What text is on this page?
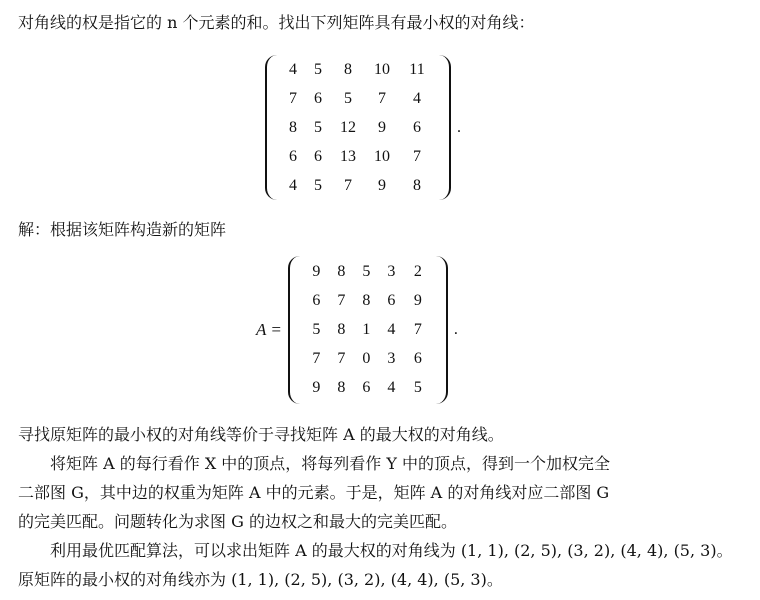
对角线的权是指它的 n 个元素的和。找出下列矩阵具有最小权的对角线：
4	5	8	10	11
7	6	5	7	4
8	5	12	9	6
6	6	13	10	7
4	5	7	9	8
.
解：根据该矩阵构造新的矩阵
A =
9	8	5	3	2
6	7	8	6	9
5	8	1	4	7
7	7	0	3	6
9	8	6	4	5
.
寻找原矩阵的最小权的对角线等价于寻找矩阵 A 的最大权的对角线。
将矩阵 A 的每行看作 X 中的顶点，将每列看作 Y 中的顶点，得到一个加权完全
二部图 G，其中边的权重为矩阵 A 中的元素。于是，矩阵 A 的对角线对应二部图 G
的完美匹配。问题转化为求图 G 的边权之和最大的完美匹配。
利用最优匹配算法，可以求出矩阵 A 的最大权的对角线为 (1, 1), (2, 5), (3, 2), (4, 4), (5, 3)。
原矩阵的最小权的对角线亦为 (1, 1), (2, 5), (3, 2), (4, 4), (5, 3)。
